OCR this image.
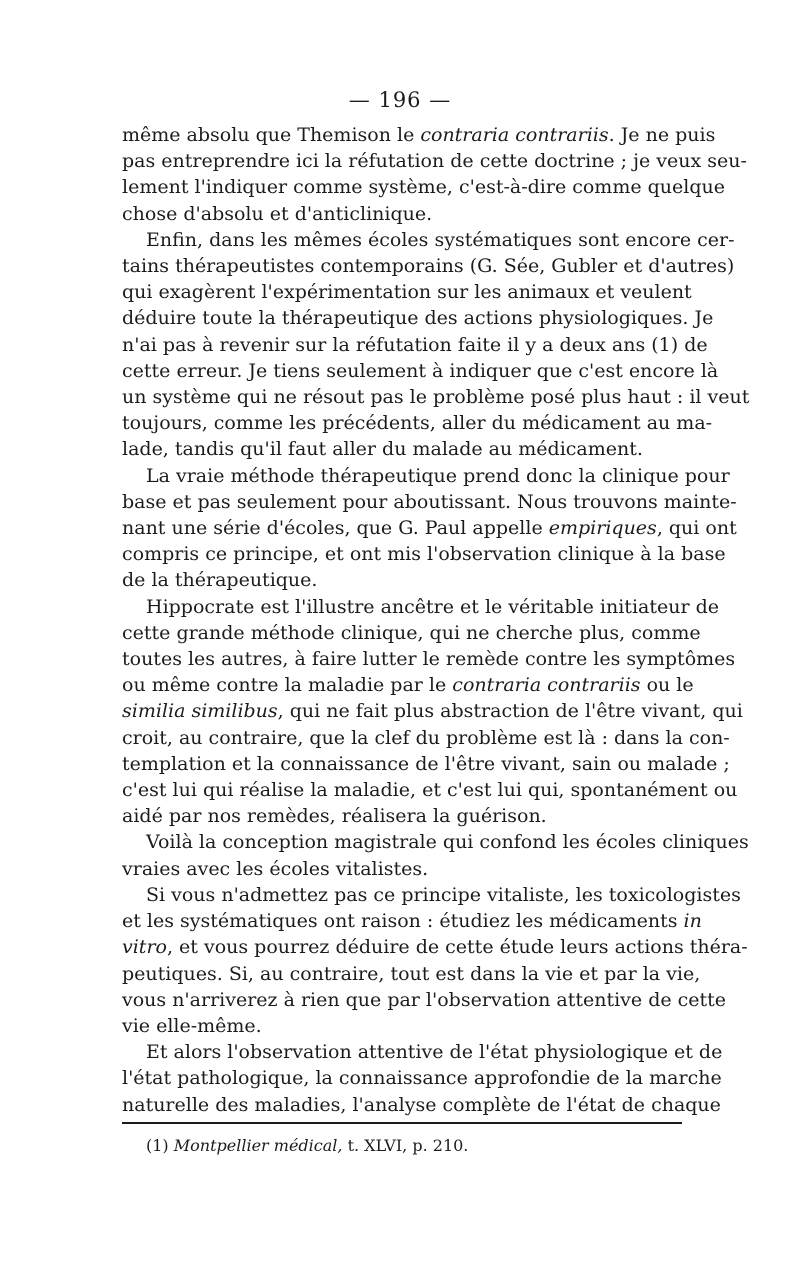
— 196 —
même absolu que Themison le contraria contrariis. Je ne puis
pas entreprendre ici la réfutation de cette doctrine ; je veux seu-
lement l'indiquer comme système, c'est-à-dire comme quelque
chose d'absolu et d'anticlinique.
Enfin, dans les mêmes écoles systématiques sont encore cer-
tains thérapeutistes contemporains (G. Sée, Gubler et d'autres)
qui exagèrent l'expérimentation sur les animaux et veulent
déduire toute la thérapeutique des actions physiologiques. Je
n'ai pas à revenir sur la réfutation faite il y a deux ans (1) de
cette erreur. Je tiens seulement à indiquer que c'est encore là
un système qui ne résout pas le problème posé plus haut : il veut
toujours, comme les précédents, aller du médicament au ma-
lade, tandis qu'il faut aller du malade au médicament.
La vraie méthode thérapeutique prend donc la clinique pour
base et pas seulement pour aboutissant. Nous trouvons mainte-
nant une série d'écoles, que G. Paul appelle empiriques, qui ont
compris ce principe, et ont mis l'observation clinique à la base
de la thérapeutique.
Hippocrate est l'illustre ancêtre et le véritable initiateur de
cette grande méthode clinique, qui ne cherche plus, comme
toutes les autres, à faire lutter le remède contre les symptômes
ou même contre la maladie par le contraria contrariis ou le
similia similibus, qui ne fait plus abstraction de l'être vivant, qui
croit, au contraire, que la clef du problème est là : dans la con-
templation et la connaissance de l'être vivant, sain ou malade ;
c'est lui qui réalise la maladie, et c'est lui qui, spontanément ou
aidé par nos remèdes, réalisera la guérison.
Voilà la conception magistrale qui confond les écoles cliniques
vraies avec les écoles vitalistes.
Si vous n'admettez pas ce principe vitaliste, les toxicologistes
et les systématiques ont raison : étudiez les médicaments in
vitro, et vous pourrez déduire de cette étude leurs actions théra-
peutiques. Si, au contraire, tout est dans la vie et par la vie,
vous n'arriverez à rien que par l'observation attentive de cette
vie elle-même.
Et alors l'observation attentive de l'état physiologique et de
l'état pathologique, la connaissance approfondie de la marche
naturelle des maladies, l'analyse complète de l'état de chaque
(1) Montpellier médical, t. XLVI, p. 210.
